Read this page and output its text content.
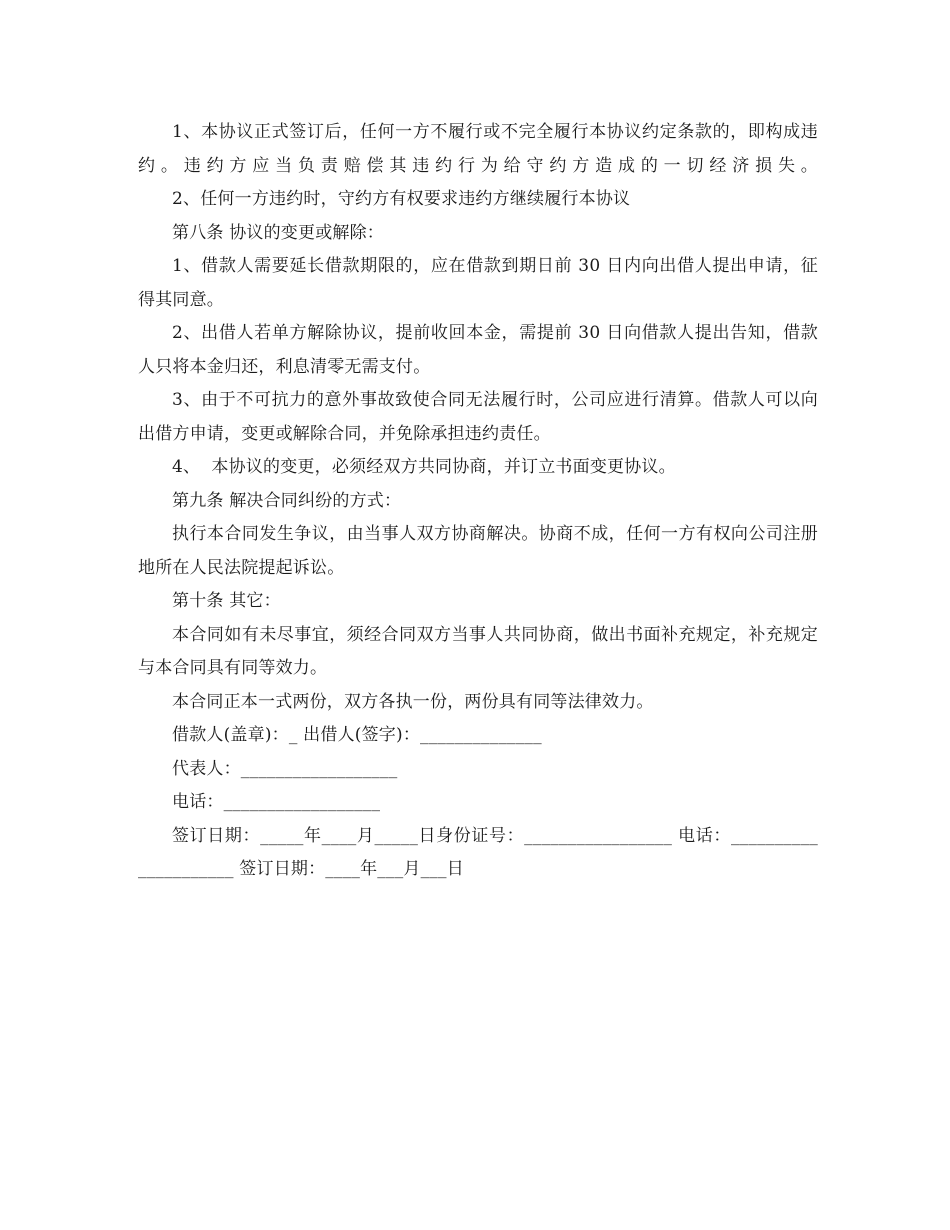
1、本协议正式签订后，任何一方不履行或不完全履行本协议约定条款的，即构成违约。违约方应当负责赔偿其违约行为给守约方造成的一切经济损失。

2、任何一方违约时，守约方有权要求违约方继续履行本协议

第八条 协议的变更或解除：

1、借款人需要延长借款期限的，应在借款到期日前 30 日内向出借人提出申请，征得其同意。

2、出借人若单方解除协议，提前收回本金，需提前 30 日向借款人提出告知，借款人只将本金归还，利息清零无需支付。

3、由于不可抗力的意外事故致使合同无法履行时，公司应进行清算。借款人可以向出借方申请，变更或解除合同，并免除承担违约责任。

4、  本协议的变更，必须经双方共同协商，并订立书面变更协议。

第九条 解决合同纠纷的方式：

执行本合同发生争议，由当事人双方协商解决。协商不成，任何一方有权向公司注册地所在人民法院提起诉讼。

第十条 其它：

本合同如有未尽事宜，须经合同双方当事人共同协商，做出书面补充规定，补充规定与本合同具有同等效力。

本合同正本一式两份，双方各执一份，两份具有同等法律效力。

借款人(盖章)：_ 出借人(签字)：______________

代表人：__________________

电话：__________________

签订日期：_____年____月_____日身份证号：_________________ 电话：_____________________ 签订日期：____年___月___日
